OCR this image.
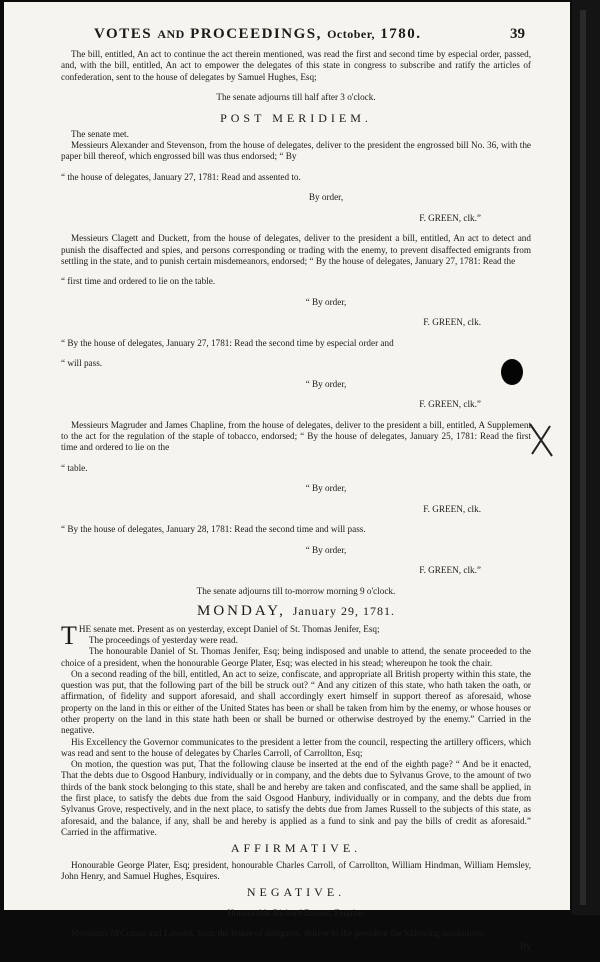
VOTES AND PROCEEDINGS, October, 1780.	39

The bill, entitled, An act to continue the act therein mentioned, was read the first and second time by especial order, passed, and, with the bill, entitled, An act to empower the delegates of this state in congress to subscribe and ratify the articles of confederation, sent to the house of delegates by Samuel Hughes, Esq;

The senate adjourns till half after 3 o'clock.

POST MERIDIEM.

The senate met.

Messieurs Alexander and Stevenson, from the house of delegates, deliver to the president the engrossed bill No. 36, with the paper bill thereof, which engrossed bill was thus endorsed; “ By

“ the house of delegates, January 27, 1781: Read and assented to.

By order,

F. GREEN, clk.”

Messieurs Clagett and Duckett, from the house of delegates, deliver to the president a bill, entitled, An act to detect and punish the disaffected and spies, and persons corresponding or trading with the enemy, to prevent disaffected emigrants from settling in the state, and to punish certain misdemeanors, endorsed; “ By the house of delegates, January 27, 1781: Read the

“ first time and ordered to lie on the table.

“ By order,

F. GREEN, clk.

“ By the house of delegates, January 27, 1781: Read the second time by especial order and

“ will pass.

“ By order,

F. GREEN, clk.”

Messieurs Magruder and James Chapline, from the house of delegates, deliver to the president a bill, entitled, A Supplement to the act for the regulation of the staple of tobacco, endorsed; “ By the house of delegates, January 25, 1781: Read the first time and ordered to lie on the

“ table.

“ By order,

F. GREEN, clk.

“ By the house of delegates, January 28, 1781: Read the second time and will pass.

“ By order,

F. GREEN, clk.”

The senate adjourns till to-morrow morning 9 o'clock.

MONDAY, January 29, 1781.

T HE senate met. Present as on yesterday, except Daniel of St. Thomas Jenifer, Esq;

The proceedings of yesterday were read.

The honourable Daniel of St. Thomas Jenifer, Esq; being indisposed and unable to attend, the senate proceeded to the choice of a president, when the honourable George Plater, Esq; was elected in his stead; whereupon he took the chair.

On a second reading of the bill, entitled, An act to seize, confiscate, and appropriate all British property within this state, the question was put, that the following part of the bill be struck out? “ And any citizen of this state, who hath taken the oath, or affirmation, of fidelity and support aforesaid, and shall accordingly exert himself in support thereof as aforesaid, whose property on the land in this or either of the United States has been or shall be taken from him by the enemy, or whose houses or other property on the land in this state hath been or shall be burned or otherwise destroyed by the enemy.” Carried in the negative.

His Excellency the Governor communicates to the president a letter from the council, respecting the artillery officers, which was read and sent to the house of delegates by Charles Carroll, of Carrollton, Esq;

On motion, the question was put, That the following clause be inserted at the end of the eighth page? “ And be it enacted, That the debts due to Osgood Hanbury, individually or in company, and the debts due to Sylvanus Grove, to the amount of two thirds of the bank stock belonging to this state, shall be and hereby are taken and confiscated, and the same shall be applied, in the first place, to satisfy the debts due from the said Osgood Hanbury, individually or in company, and the debts due from Sylvanus Grove, respectively, and in the next place, to satisfy the debts due from James Russell to the subjects of this state, as aforesaid, and the balance, if any, shall be and hereby is applied as a fund to sink and pay the bills of credit as aforesaid.” Carried in the affirmative.

AFFIRMATIVE.

Honourable George Plater, Esq; president, honourable Charles Carroll, of Carrollton, William Hindman, William Hemsley, John Henry, and Samuel Hughes, Esquires.

NEGATIVE.

Honourable Richard Barnes, Esquire.

Messieurs M'Comas and Lawson, from the house of delegates, deliver to the president the following resolutions:

By
